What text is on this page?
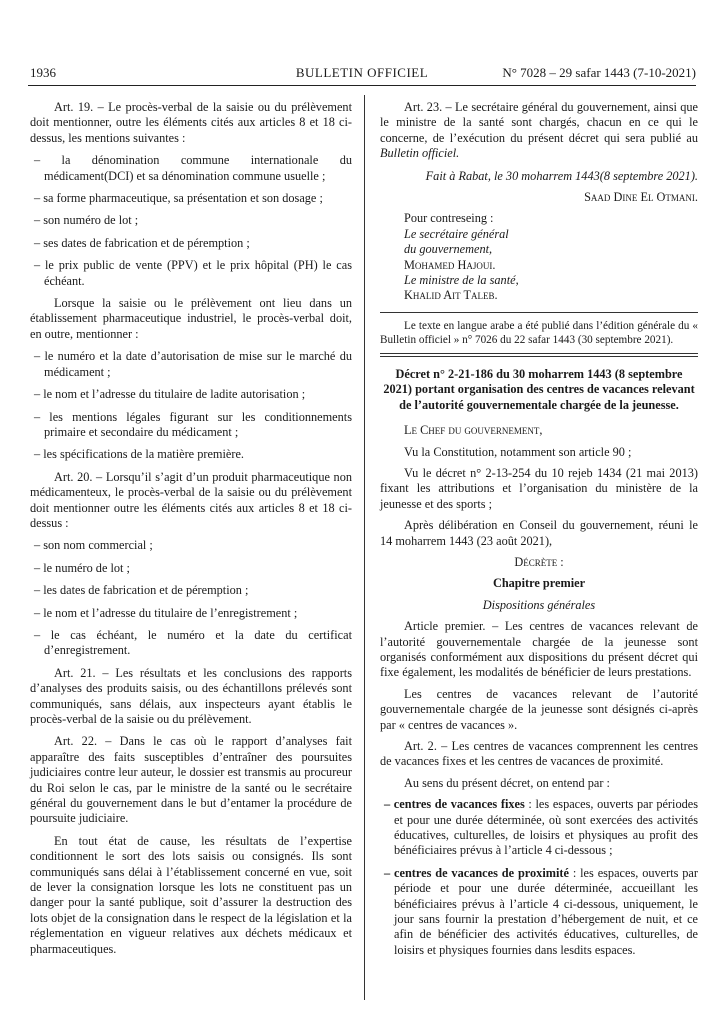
1936	BULLETIN OFFICIEL	N° 7028 – 29 safar 1443 (7-10-2021)

Art. 19. – Le procès-verbal de la saisie ou du prélèvement doit mentionner, outre les éléments cités aux articles 8 et 18 ci-dessus, les mentions suivantes :

– la dénomination commune internationale du médicament(DCI) et sa dénomination commune usuelle ;
– sa forme pharmaceutique, sa présentation et son dosage ;
– son numéro de lot ;
– ses dates de fabrication et de péremption ;
– le prix public de vente (PPV) et le prix hôpital (PH) le cas échéant.

Lorsque la saisie ou le prélèvement ont lieu dans un établissement pharmaceutique industriel, le procès-verbal doit, en outre, mentionner :

– le numéro et la date d’autorisation de mise sur le marché du médicament ;
– le nom et l’adresse du titulaire de ladite autorisation ;
– les mentions légales figurant sur les conditionnements primaire et secondaire du médicament ;
– les spécifications de la matière première.

Art. 20. – Lorsqu’il s’agit d’un produit pharmaceutique non médicamenteux, le procès-verbal de la saisie ou du prélèvement doit mentionner outre les éléments cités aux articles 8 et 18 ci-dessus :

– son nom commercial ;
– le numéro de lot ;
– les dates de fabrication et de péremption ;
– le nom et l’adresse du titulaire de l’enregistrement ;
– le cas échéant, le numéro et la date du certificat d’enregistrement.

Art. 21. – Les résultats et les conclusions des rapports d’analyses des produits saisis, ou des échantillons prélevés sont communiqués, sans délais, aux inspecteurs ayant établis le procès-verbal de la saisie ou du prélèvement.

Art. 22. – Dans le cas où le rapport d’analyses fait apparaître des faits susceptibles d’entraîner des poursuites judiciaires contre leur auteur, le dossier est transmis au procureur du Roi selon le cas, par le ministre de la santé ou le secrétaire général du gouvernement dans le but d’entamer la procédure de poursuite judiciaire.

En tout état de cause, les résultats de l’expertise conditionnent le sort des lots saisis ou consignés. Ils sont communiqués sans délai à l’établissement concerné en vue, soit de lever la consignation lorsque les lots ne constituent pas un danger pour la santé publique, soit d’assurer la destruction des lots objet de la consignation dans le respect de la législation et la réglementation en vigueur relatives aux déchets médicaux et pharmaceutiques.

Art. 23. – Le secrétaire général du gouvernement, ainsi que le ministre de la santé sont chargés, chacun en ce qui le concerne, de l’exécution du présent décret qui sera publié au Bulletin officiel.

Fait à Rabat, le 30 moharrem 1443(8 septembre 2021).

Saad Dine El Otmani.

Pour contreseing :
Le secrétaire général
du gouvernement,
Mohamed Hajoui.
Le ministre de la santé,
Khalid Ait Taleb.

Le texte en langue arabe a été publié dans l’édition générale du « Bulletin officiel » n° 7026 du 22 safar 1443 (30 septembre 2021).

Décret n° 2-21-186 du 30 moharrem 1443 (8 septembre 2021) portant organisation des centres de vacances relevant de l’autorité gouvernementale chargée de la jeunesse.

Le Chef du gouvernement,

Vu la Constitution, notamment son article 90 ;

Vu le décret n° 2-13-254 du 10 rejeb 1434 (21 mai 2013) fixant les attributions et l’organisation du ministère de la jeunesse et des sports ;

Après délibération en Conseil du gouvernement, réuni le 14 moharrem 1443 (23 août 2021),

Décrète :

Chapitre premier

Dispositions générales

Article premier. – Les centres de vacances relevant de l’autorité gouvernementale chargée de la jeunesse sont organisés conformément aux dispositions du présent décret qui fixe également, les modalités de bénéficier de leurs prestations.

Les centres de vacances relevant de l’autorité gouvernementale chargée de la jeunesse sont désignés ci-après par « centres de vacances ».

Art. 2. – Les centres de vacances comprennent les centres de vacances fixes et les centres de vacances de proximité.

Au sens du présent décret, on entend par :

– centres de vacances fixes : les espaces, ouverts par périodes et pour une durée déterminée, où sont exercées des activités éducatives, culturelles, de loisirs et physiques au profit des bénéficiaires prévus à l’article 4 ci-dessous ;
– centres de vacances de proximité : les espaces, ouverts par période et pour une durée déterminée, accueillant les bénéficiaires prévus à l’article 4 ci-dessous, uniquement, le jour sans fournir la prestation d’hébergement de nuit, et ce afin de bénéficier des activités éducatives, culturelles, de loisirs et physiques fournies dans lesdits espaces.
